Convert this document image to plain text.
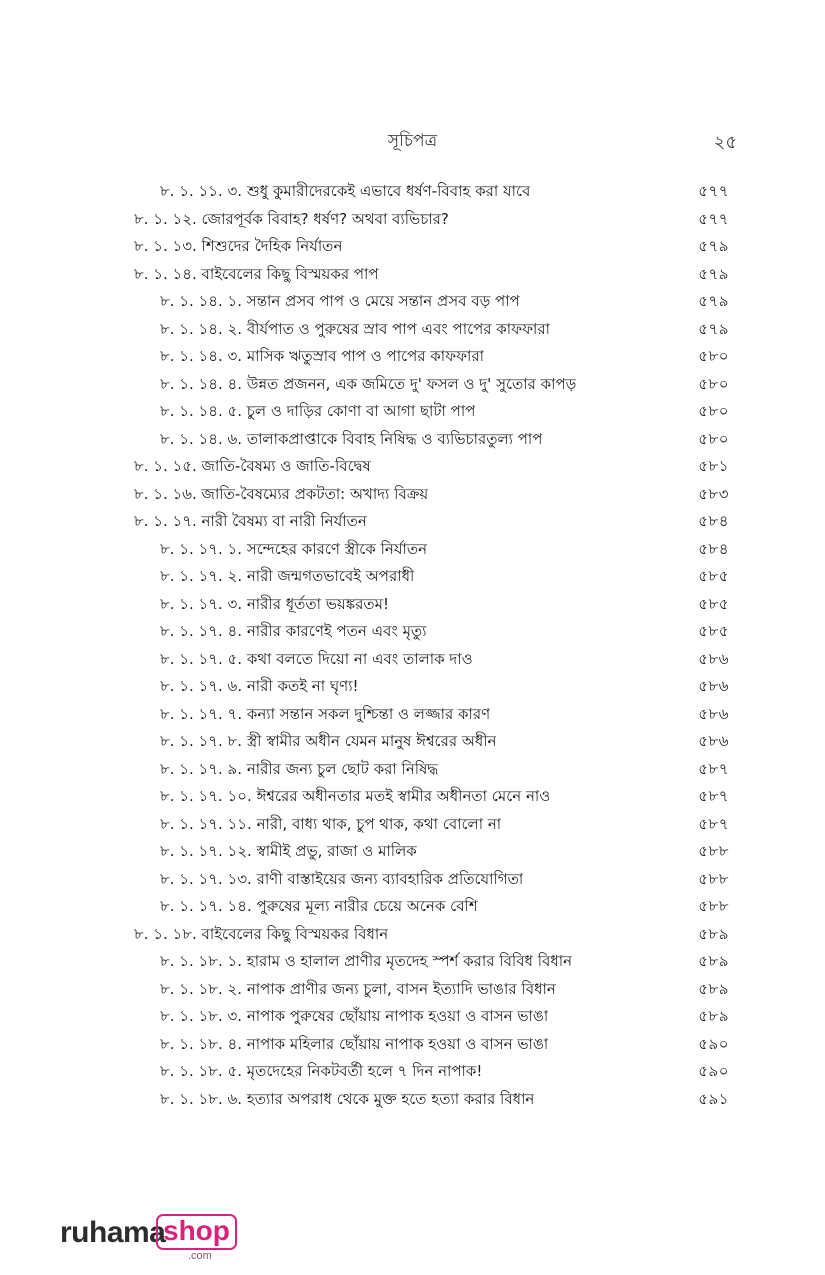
সূচিপত্র	২৫
৮. ১. ১১. ৩. শুধু কুমারীদেরকেই এভাবে ধর্ষণ-বিবাহ করা যাবে	৫৭৭
৮. ১. ১২. জোরপূর্বক বিবাহ? ধর্ষণ? অথবা ব্যভিচার?	৫৭৭
৮. ১. ১৩. শিশুদের দৈহিক নির্যাতন	৫৭৯
৮. ১. ১৪. বাইবেলের কিছু বিস্ময়কর পাপ	৫৭৯
৮. ১. ১৪. ১. সন্তান প্রসব পাপ ও মেয়ে সন্তান প্রসব বড় পাপ	৫৭৯
৮. ১. ১৪. ২. বীর্যপাত ও পুরুষের স্রাব পাপ এবং পাপের কাফফারা	৫৭৯
৮. ১. ১৪. ৩. মাসিক ঋতুস্রাব পাপ ও পাপের কাফফারা	৫৮০
৮. ১. ১৪. ৪. উন্নত প্রজনন, এক জমিতে দু' ফসল ও দু' সুতোর কাপড়	৫৮০
৮. ১. ১৪. ৫. চুল ও দাড়ির কোণা বা আগা ছাটা পাপ	৫৮০
৮. ১. ১৪. ৬. তালাকপ্রাপ্তাকে বিবাহ নিষিদ্ধ ও ব্যভিচারতুল্য পাপ	৫৮০
৮. ১. ১৫. জাতি-বৈষম্য ও জাতি-বিদ্বেষ	৫৮১
৮. ১. ১৬. জাতি-বৈষম্যের প্রকটতা: অখাদ্য বিক্রয়	৫৮৩
৮. ১. ১৭. নারী বৈষম্য বা নারী নির্যাতন	৫৮৪
৮. ১. ১৭. ১. সন্দেহের কারণে স্ত্রীকে নির্যাতন	৫৮৪
৮. ১. ১৭. ২. নারী জন্মগতভাবেই অপরাধী	৫৮৫
৮. ১. ১৭. ৩. নারীর ধূর্ততা ভয়ঙ্করতম!	৫৮৫
৮. ১. ১৭. ৪. নারীর কারণেই পতন এবং মৃত্যু	৫৮৫
৮. ১. ১৭. ৫. কথা বলতে দিয়ো না এবং তালাক দাও	৫৮৬
৮. ১. ১৭. ৬. নারী কতই না ঘৃণ্য!	৫৮৬
৮. ১. ১৭. ৭. কন্যা সন্তান সকল দুশ্চিন্তা ও লজ্জার কারণ	৫৮৬
৮. ১. ১৭. ৮. স্ত্রী স্বামীর অধীন যেমন মানুষ ঈশ্বরের অধীন	৫৮৬
৮. ১. ১৭. ৯. নারীর জন্য চুল ছোট করা নিষিদ্ধ	৫৮৭
৮. ১. ১৭. ১০. ঈশ্বরের অধীনতার মতই স্বামীর অধীনতা মেনে নাও	৫৮৭
৮. ১. ১৭. ১১. নারী, বাধ্য থাক, চুপ থাক, কথা বোলো না	৫৮৭
৮. ১. ১৭. ১২. স্বামীই প্রভু, রাজা ও মালিক	৫৮৮
৮. ১. ১৭. ১৩. রাণী বাস্তাইয়ের জন্য ব্যাবহারিক প্রতিযোগিতা	৫৮৮
৮. ১. ১৭. ১৪. পুরুষের মূল্য নারীর চেয়ে অনেক বেশি	৫৮৮
৮. ১. ১৮. বাইবেলের কিছু বিস্ময়কর বিধান	৫৮৯
৮. ১. ১৮. ১. হারাম ও হালাল প্রাণীর মৃতদেহ স্পর্শ করার বিবিধ বিধান	৫৮৯
৮. ১. ১৮. ২. নাপাক প্রাণীর জন্য চুলা, বাসন ইত্যাদি ভাঙার বিধান	৫৮৯
৮. ১. ১৮. ৩. নাপাক পুরুষের ছোঁয়ায় নাপাক হওয়া ও বাসন ভাঙা	৫৮৯
৮. ১. ১৮. ৪. নাপাক মহিলার ছোঁয়ায় নাপাক হওয়া ও বাসন ভাঙা	৫৯০
৮. ১. ১৮. ৫. মৃতদেহের নিকটবর্তী হলে ৭ দিন নাপাক!	৫৯০
৮. ১. ১৮. ৬. হত্যার অপরাধ থেকে মুক্ত হতে হত্যা করার বিধান	৫৯১
ruhama
shop
.com
